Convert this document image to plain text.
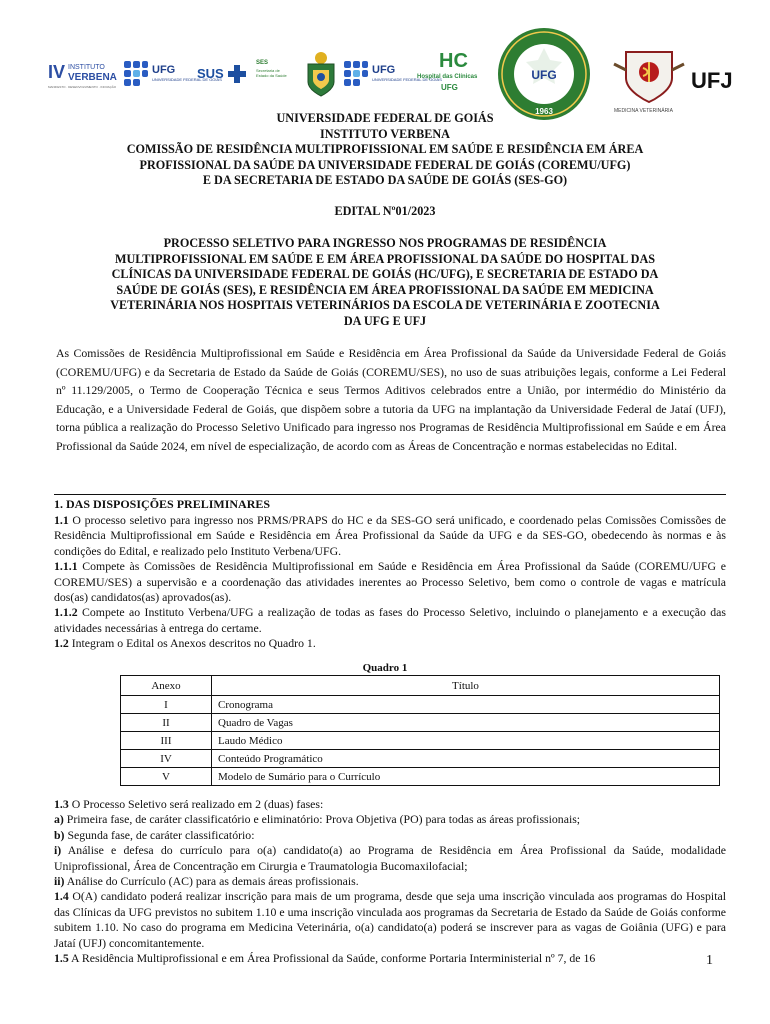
IV INSTITUTO
VERBENA
MANIFESTO · DESENVOLVIMENTO · INOVAÇÃO
UFG
UNIVERSIDADE FEDERAL DE GOIÁS
SUS
SES
Secretaria de Estado da Saúde	UFG
UNIVERSIDADE FEDERAL DE GOIÁS
HC
Hospital das Clínicas
UFG
UFG
1963	MEDICINA VETERINÁRIA
UFJ
UNIVERSIDADE FEDERAL DE GOIÁS
INSTITUTO VERBENA
COMISSÃO DE RESIDÊNCIA MULTIPROFISSIONAL EM SAÚDE E RESIDÊNCIA EM ÁREA
PROFISSIONAL DA SAÚDE DA UNIVERSIDADE FEDERAL DE GOIÁS (COREMU/UFG)
E DA SECRETARIA DE ESTADO DA SAÚDE DE GOIÁS (SES-GO)
EDITAL Nº01/2023
PROCESSO SELETIVO PARA INGRESSO NOS PROGRAMAS DE RESIDÊNCIA
MULTIPROFISSIONAL EM SAÚDE E EM ÁREA PROFISSIONAL DA SAÚDE DO HOSPITAL DAS
CLÍNICAS DA UNIVERSIDADE FEDERAL DE GOIÁS (HC/UFG), E SECRETARIA DE ESTADO DA
SAÚDE DE GOIÁS (SES), E RESIDÊNCIA EM ÁREA PROFISSIONAL DA SAÚDE EM MEDICINA
VETERINÁRIA NOS HOSPITAIS VETERINÁRIOS DA ESCOLA DE VETERINÁRIA E ZOOTECNIA
DA UFG E UFJ

As Comissões de Residência Multiprofissional em Saúde e Residência em Área Profissional da Saúde da Universidade Federal de Goiás (COREMU/UFG) e da Secretaria de Estado da Saúde de Goiás (COREMU/SES), no uso de suas atribuições legais, conforme a Lei Federal nº 11.129/2005, o Termo de Cooperação Técnica e seus Termos Aditivos celebrados entre a União, por intermédio do Ministério da Educação, e a Universidade Federal de Goiás, que dispõem sobre a tutoria da UFG na implantação da Universidade Federal de Jataí (UFJ), torna pública a realização do Processo Seletivo Unificado para ingresso nos Programas de Residência Multiprofissional em Saúde e em Área Profissional da Saúde 2024, em nível de especialização, de acordo com as Áreas de Concentração e normas estabelecidas no Edital.

1. DAS DISPOSIÇÕES PRELIMINARES

1.1 O processo seletivo para ingresso nos PRMS/PRAPS do HC e da SES-GO será unificado, e coordenado pelas Comissões Comissões de Residência Multiprofissional em Saúde e Residência em Área Profissional da Saúde da UFG e da SES-GO, obedecendo às normas e às condições do Edital, e realizado pelo Instituto Verbena/UFG.

1.1.1 Compete às Comissões de Residência Multiprofissional em Saúde e Residência em Área Profissional da Saúde (COREMU/UFG e COREMU/SES) a supervisão e a coordenação das atividades inerentes ao Processo Seletivo, bem como o controle de vagas e matrícula dos(as) candidatos(as) aprovados(as).

1.1.2 Compete ao Instituto Verbena/UFG a realização de todas as fases do Processo Seletivo, incluindo o planejamento e a execução das atividades necessárias à entrega do certame.

1.2 Integram o Edital os Anexos descritos no Quadro 1.

Quadro 1
Anexo	Título
I	Cronograma
II	Quadro de Vagas
III	Laudo Médico
IV	Conteúdo Programático
V	Modelo de Sumário para o Currículo

1.3 O Processo Seletivo será realizado em 2 (duas) fases:

a) Primeira fase, de caráter classificatório e eliminatório: Prova Objetiva (PO) para todas as áreas profissionais;

b) Segunda fase, de caráter classificatório:

i) Análise e defesa do currículo para o(a) candidato(a) ao Programa de Residência em Área Profissional da Saúde, modalidade Uniprofissional, Área de Concentração em Cirurgia e Traumatologia Bucomaxilofacial;

ii) Análise do Currículo (AC) para as demais áreas profissionais.

1.4 O(A) candidato poderá realizar inscrição para mais de um programa, desde que seja uma inscrição vinculada aos programas do Hospital das Clínicas da UFG previstos no subitem 1.10 e uma inscrição vinculada aos programas da Secretaria de Estado da Saúde de Goiás conforme subitem 1.10. No caso do programa em Medicina Veterinária, o(a) candidato(a) poderá se inscrever para as vagas de Goiânia (UFG) e para Jataí (UFJ) concomitantemente.

1.5 A Residência Multiprofissional e em Área Profissional da Saúde, conforme Portaria Interministerial nº 7, de 16	1
